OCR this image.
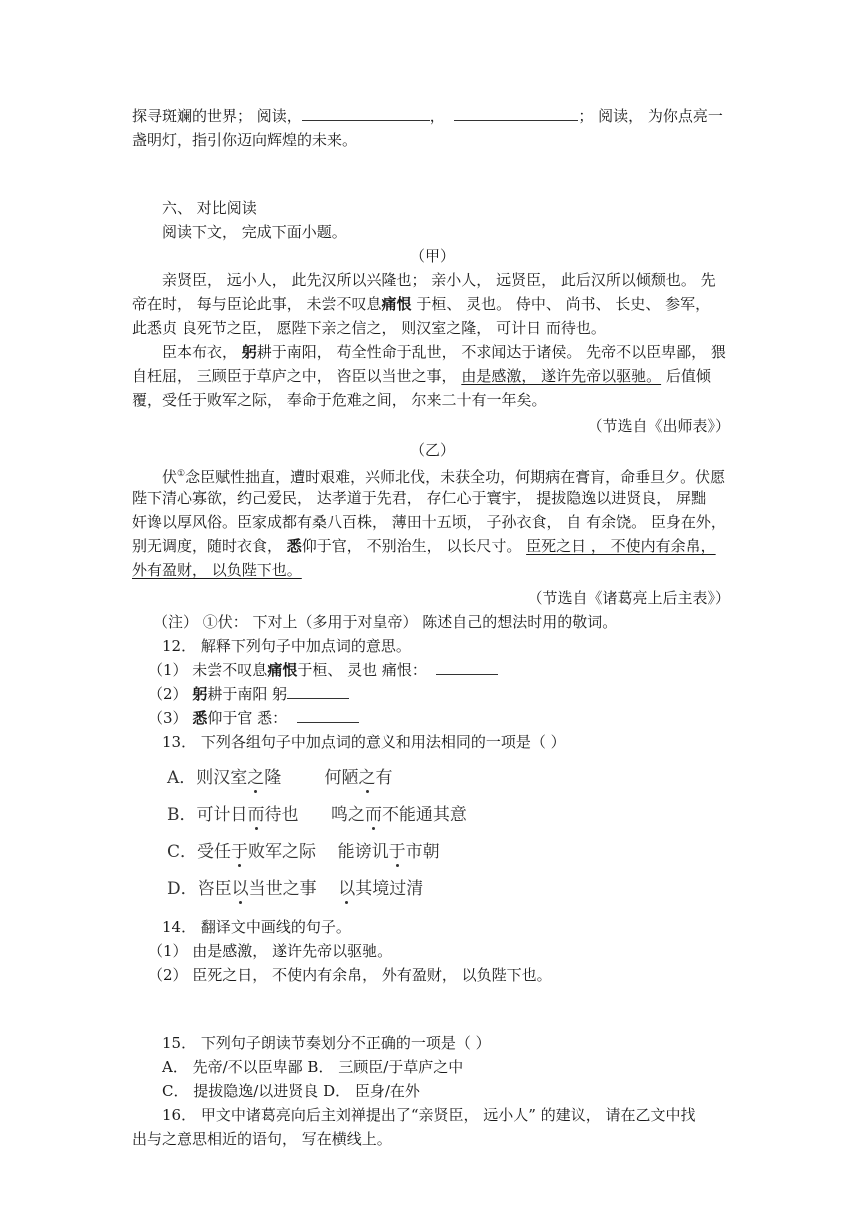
探寻斑斓的世界； 阅读，	，	； 阅读， 为你点亮一
盏明灯，指引你迈向辉煌的未来。
六、 对比阅读
阅读下文， 完成下面小题。
（甲）
亲贤臣， 远小人， 此先汉所以兴隆也； 亲小人， 远贤臣， 此后汉所以倾颓也。 先
帝在时， 每与臣论此事， 未尝不叹息痛恨 于桓、 灵也。 侍中、 尚书、 长史、 参军，
此悉贞 良死节之臣， 愿陛下亲之信之， 则汉室之隆， 可计日 而待也。
臣本布衣， 躬耕于南阳， 苟全性命于乱世， 不求闻达于诸侯。 先帝不以臣卑鄙， 猥
自枉屈， 三顾臣于草庐之中， 咨臣以当世之事， 由是感激， 遂许先帝以驱驰。 后值倾
覆，受任于败军之际， 奉命于危难之间， 尔来二十有一年矣。
（节选自《出师表》）
（乙）
伏①念臣赋性拙直，遭时艰难，兴师北伐，未获全功，何期病在膏肓，命垂旦夕。伏愿
陛下清心寡欲，约己爱民， 达孝道于先君， 存仁心于寰宇， 提拔隐逸以进贤良， 屏黜
奸谗以厚风俗。臣家成都有桑八百株， 薄田十五顷， 子孙衣食， 自 有余饶。 臣身在外，
别无调度，随时衣食， 悉仰于官， 不别治生， 以长尺寸。 臣死之日 ， 不使内有余帛，
外有盈财， 以负陛下也。
（节选自《诸葛亮上后主表》）
（注） ①伏： 下对上（多用于对皇帝） 陈述自己的想法时用的敬词。
12． 解释下列句子中加点词的意思。
（1） 未尝不叹息痛恨于桓、 灵也 痛恨：
（2） 躬耕于南阳 躬
（3） 悉仰于官 悉：
13． 下列各组句子中加点词的意义和用法相同的一项是（ ）
A．则汉室之隆        何陋之有
B．可计日而待也      鸣之而不能通其意
C．受任于败军之际    能谤讥于市朝
D．咨臣以当世之事    以其境过清
14． 翻译文中画线的句子。
（1） 由是感激， 遂许先帝以驱驰。
（2） 臣死之日， 不使内有余帛， 外有盈财， 以负陛下也。
15． 下列句子朗读节奏划分不正确的一项是（ ）
A． 先帝/不以臣卑鄙 B． 三顾臣/于草庐之中
C． 提拔隐逸/以进贤良 D． 臣身/在外
16． 甲文中诸葛亮向后主刘禅提出了“亲贤臣， 远小人” 的建议， 请在乙文中找
出与之意思相近的语句， 写在横线上。
